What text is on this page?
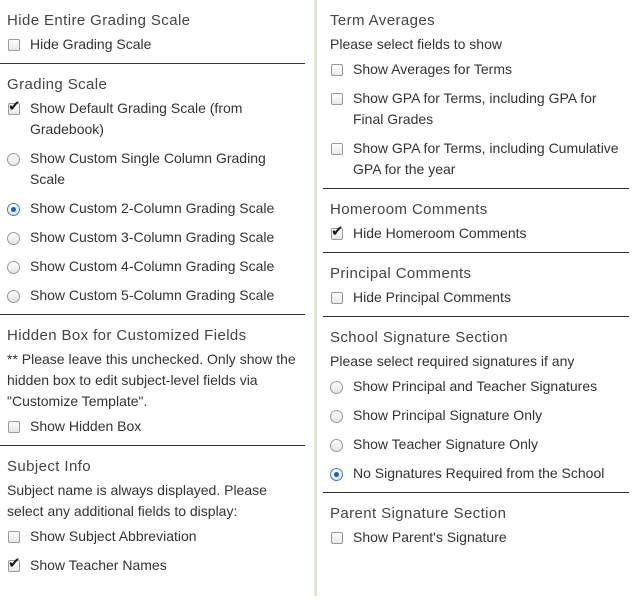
Hide Entire Grading Scale
Hide Grading Scale
Grading Scale
✔ Show Default Grading Scale (from Gradebook)
Show Custom Single Column Grading Scale
Show Custom 2-Column Grading Scale
Show Custom 3-Column Grading Scale
Show Custom 4-Column Grading Scale
Show Custom 5-Column Grading Scale
Hidden Box for Customized Fields
** Please leave this unchecked. Only show the hidden box to edit subject-level fields via "Customize Template".
Show Hidden Box
Subject Info
Subject name is always displayed. Please select any additional fields to display:
Show Subject Abbreviation
✔ Show Teacher Names
Term Averages
Please select fields to show
Show Averages for Terms
Show GPA for Terms, including GPA for Final Grades
Show GPA for Terms, including Cumulative GPA for the year
Homeroom Comments
✔ Hide Homeroom Comments
Principal Comments
Hide Principal Comments
School Signature Section
Please select required signatures if any
Show Principal and Teacher Signatures
Show Principal Signature Only
Show Teacher Signature Only
No Signatures Required from the School
Parent Signature Section
Show Parent's Signature
